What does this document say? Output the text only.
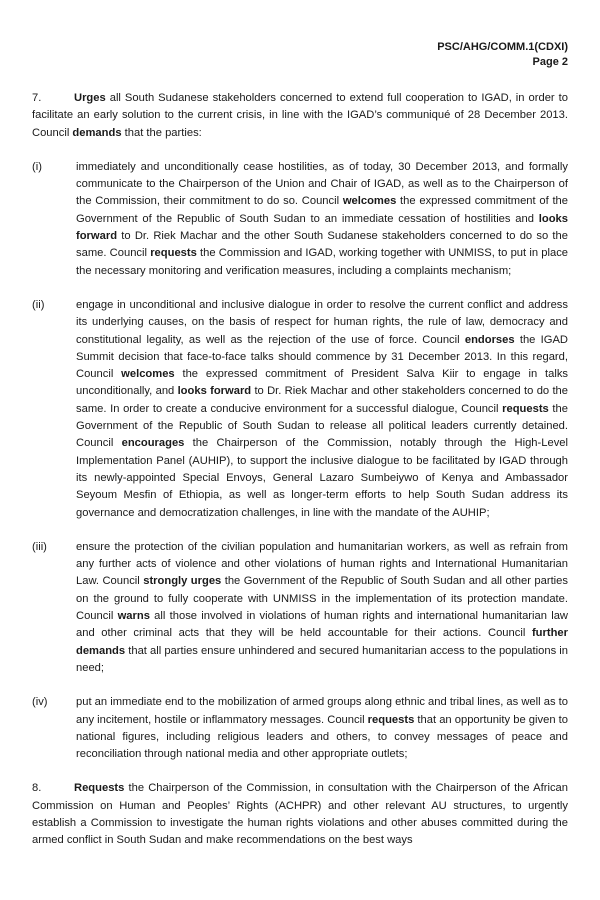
PSC/AHG/COMM.1(CDXI)
Page 2

7.	Urges all South Sudanese stakeholders concerned to extend full cooperation to IGAD, in order to facilitate an early solution to the current crisis, in line with the IGAD’s communiqué of 28 December 2013. Council demands that the parties:

(i)	immediately and unconditionally cease hostilities, as of today, 30 December 2013, and formally communicate to the Chairperson of the Union and Chair of IGAD, as well as to the Chairperson of the Commission, their commitment to do so. Council welcomes the expressed commitment of the Government of the Republic of South Sudan to an immediate cessation of hostilities and looks forward to Dr. Riek Machar and the other South Sudanese stakeholders concerned to do so the same. Council requests the Commission and IGAD, working together with UNMISS, to put in place the necessary monitoring and verification measures, including a complaints mechanism;
(ii)	engage in unconditional and inclusive dialogue in order to resolve the current conflict and address its underlying causes, on the basis of respect for human rights, the rule of law, democracy and constitutional legality, as well as the rejection of the use of force. Council endorses the IGAD Summit decision that face-to-face talks should commence by 31 December 2013. In this regard, Council welcomes the expressed commitment of President Salva Kiir to engage in talks unconditionally, and looks forward to Dr. Riek Machar and other stakeholders concerned to do the same. In order to create a conducive environment for a successful dialogue, Council requests the Government of the Republic of South Sudan to release all political leaders currently detained. Council encourages the Chairperson of the Commission, notably through the High-Level Implementation Panel (AUHIP), to support the inclusive dialogue to be facilitated by IGAD through its newly-appointed Special Envoys, General Lazaro Sumbeiywo of Kenya and Ambassador Seyoum Mesfin of Ethiopia, as well as longer-term efforts to help South Sudan address its governance and democratization challenges, in line with the mandate of the AUHIP;
(iii)	ensure the protection of the civilian population and humanitarian workers, as well as refrain from any further acts of violence and other violations of human rights and International Humanitarian Law. Council strongly urges the Government of the Republic of South Sudan and all other parties on the ground to fully cooperate with UNMISS in the implementation of its protection mandate. Council warns all those involved in violations of human rights and international humanitarian law and other criminal acts that they will be held accountable for their actions. Council further demands that all parties ensure unhindered and secured humanitarian access to the populations in need;
(iv)	put an immediate end to the mobilization of armed groups along ethnic and tribal lines, as well as to any incitement, hostile or inflammatory messages. Council requests that an opportunity be given to national figures, including religious leaders and others, to convey messages of peace and reconciliation through national media and other appropriate outlets;

8.	Requests the Chairperson of the Commission, in consultation with the Chairperson of the African Commission on Human and Peoples’ Rights (ACHPR) and other relevant AU structures, to urgently establish a Commission to investigate the human rights violations and other abuses committed during the armed conflict in South Sudan and make recommendations on the best ways
